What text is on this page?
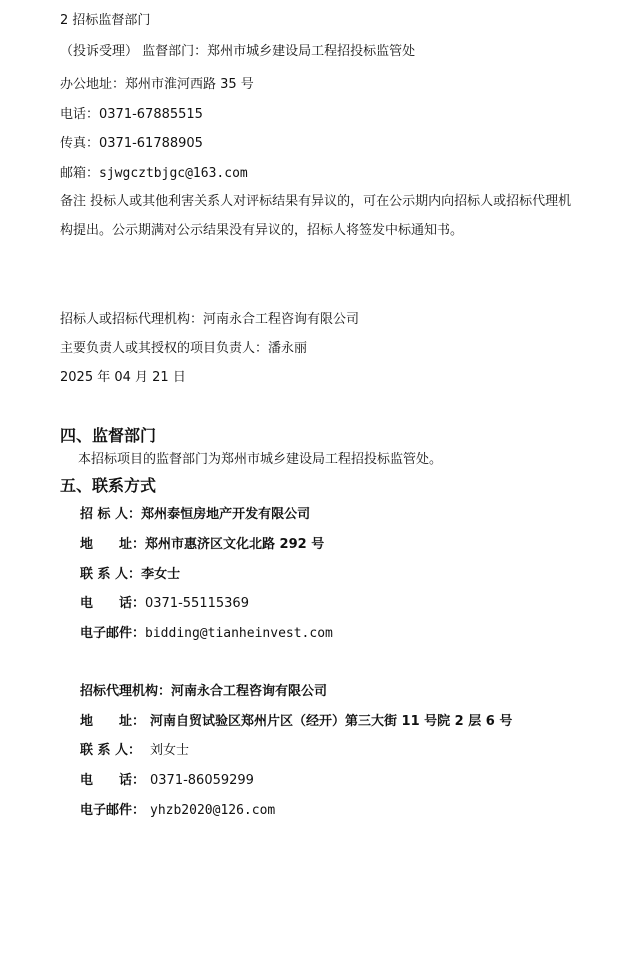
2 招标监督部门
（投诉受理） 监督部门：郑州市城乡建设局工程招投标监管处
办公地址：郑州市淮河西路 35 号
电话：0371-67885515
传真：0371-61788905
邮箱：sjwgcztbjgc@163.com
备注 投标人或其他利害关系人对评标结果有异议的，可在公示期内向招标人或招标代理机
构提出。公示期满对公示结果没有异议的，招标人将签发中标通知书。
招标人或招标代理机构：河南永合工程咨询有限公司
主要负责人或其授权的项目负责人：潘永丽
2025 年 04 月 21 日
四、监督部门
本招标项目的监督部门为郑州市城乡建设局工程招投标监管处。
五、联系方式
招 标 人：郑州泰恒房地产开发有限公司
地　　址：郑州市惠济区文化北路 292 号
联 系 人：李女士
电　　话：0371-55115369
电子邮件：bidding@tianheinvest.com
招标代理机构：河南永合工程咨询有限公司
地　　址： 河南自贸试验区郑州片区（经开）第三大街 11 号院 2 层 6 号
联 系 人： 刘女士
电　　话： 0371-86059299
电子邮件： yhzb2020@126.com
